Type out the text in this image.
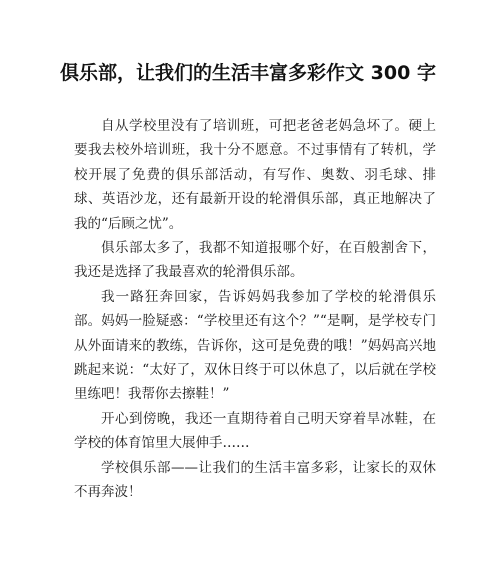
俱乐部，让我们的生活丰富多彩作文 300 字

自从学校里没有了培训班，可把老爸老妈急坏了。硬上要我去校外培训班，我十分不愿意。不过事情有了转机，学校开展了免费的俱乐部活动，有写作、奥数、羽毛球、排球、英语沙龙，还有最新开设的轮滑俱乐部，真正地解决了我的“后顾之忧”。

俱乐部太多了，我都不知道报哪个好，在百般割舍下，我还是选择了我最喜欢的轮滑俱乐部。

我一路狂奔回家，告诉妈妈我参加了学校的轮滑俱乐部。妈妈一脸疑惑：“学校里还有这个？”“是啊，是学校专门从外面请来的教练，告诉你，这可是免费的哦！”妈妈高兴地跳起来说：“太好了，双休日终于可以休息了，以后就在学校里练吧！我帮你去擦鞋！”

开心到傍晚，我还一直期待着自己明天穿着旱冰鞋，在学校的体育馆里大展伸手……

学校俱乐部——让我们的生活丰富多彩，让家长的双休不再奔波！
